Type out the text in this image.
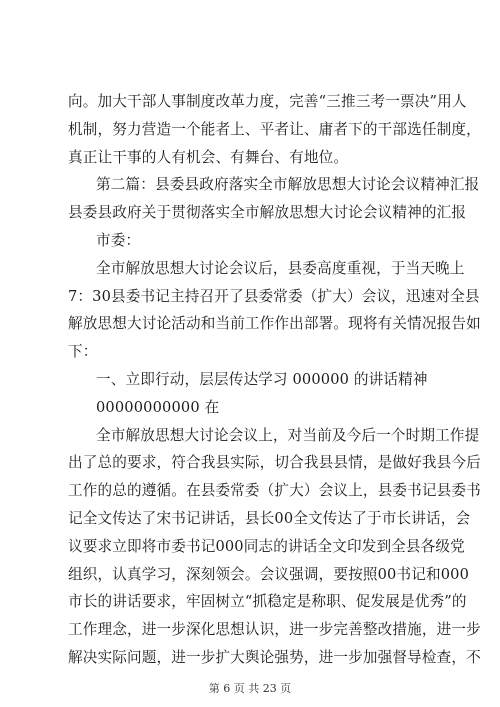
向。加大干部人事制度改革力度，完善“三推三考一票决”用人
机制，努力营造一个能者上、平者让、庸者下的干部选任制度，
真正让干事的人有机会、有舞台、有地位。
第二篇：县委县政府落实全市解放思想大讨论会议精神汇报
县委县政府关于贯彻落实全市解放思想大讨论会议精神的汇报
市委：
全市解放思想大讨论会议后，县委高度重视，于当天晚上
7：30县委书记主持召开了县委常委（扩大）会议，迅速对全县
解放思想大讨论活动和当前工作作出部署。现将有关情况报告如
下：
一、立即行动，层层传达学习 000000 的讲话精神
00000000000 在
全市解放思想大讨论会议上，对当前及今后一个时期工作提
出了总的要求，符合我县实际，切合我县县情，是做好我县今后
工作的总的遵循。在县委常委（扩大）会议上，县委书记县委书
记全文传达了宋书记讲话，县长00全文传达了于市长讲话，会
议要求立即将市委书记000同志的讲话全文印发到全县各级党
组织，认真学习，深刻领会。会议强调，要按照00书记和000
市长的讲话要求，牢固树立“抓稳定是称职、促发展是优秀”的
工作理念，进一步深化思想认识，进一步完善整改措施，进一步
解决实际问题，进一步扩大舆论强势，进一步加强督导检查，不
第 6 页 共 23 页
